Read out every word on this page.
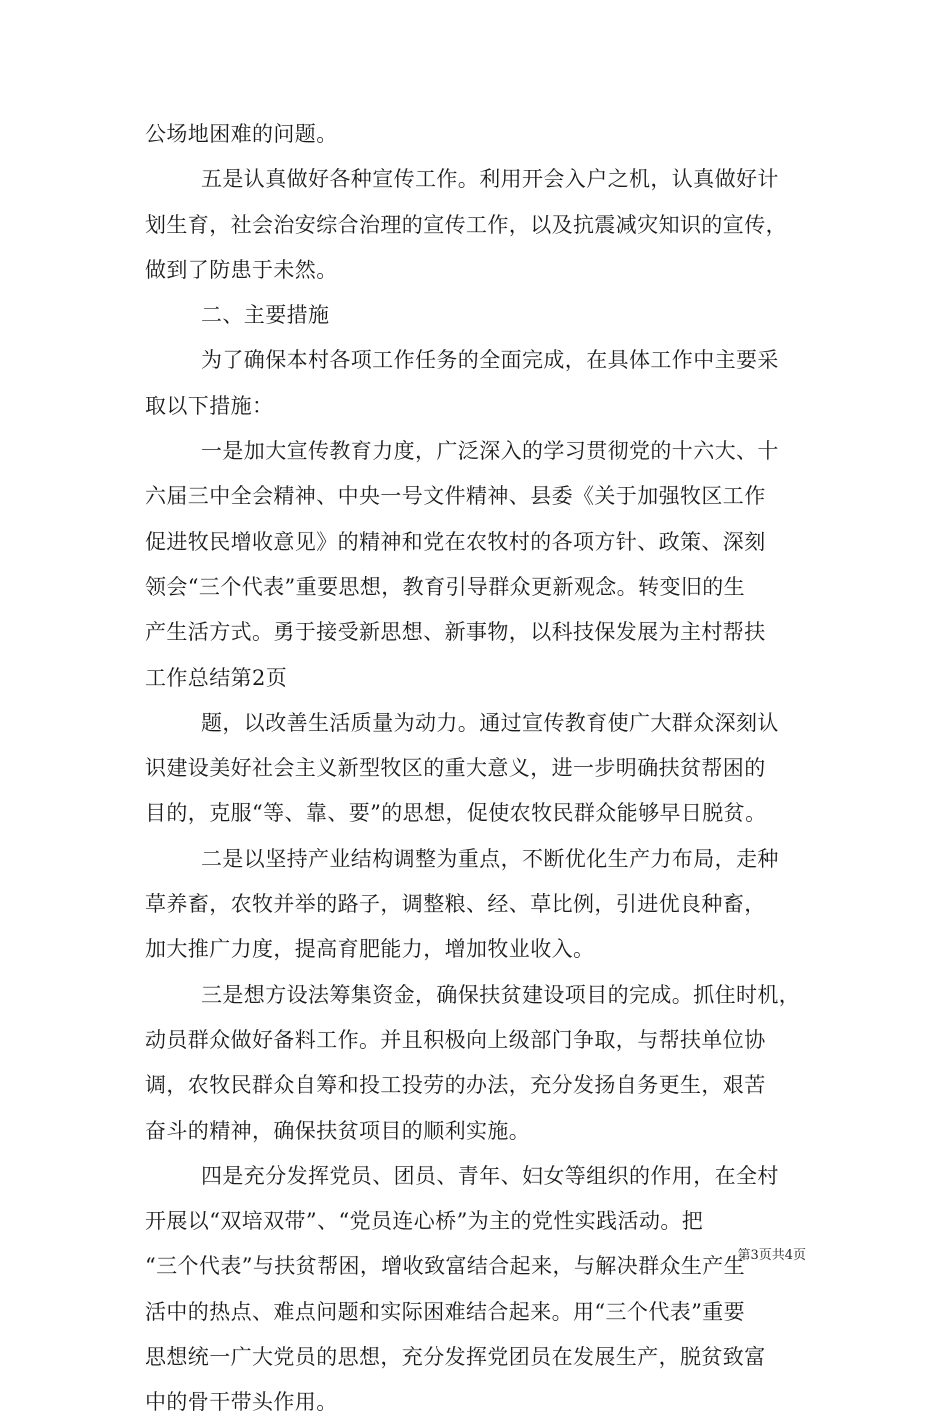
公场地困难的问题。
五是认真做好各种宣传工作。利用开会入户之机，认真做好计
划生育，社会治安综合治理的宣传工作，以及抗震减灾知识的宣传，
做到了防患于未然。
二、主要措施
为了确保本村各项工作任务的全面完成，在具体工作中主要采
取以下措施：
一是加大宣传教育力度，广泛深入的学习贯彻党的十六大、十
六届三中全会精神、中央一号文件精神、县委《关于加强牧区工作
促进牧民增收意见》的精神和党在农牧村的各项方针、政策、深刻
领会“三个代表”重要思想，教育引导群众更新观念。转变旧的生
产生活方式。勇于接受新思想、新事物，以科技保发展为主村帮扶
工作总结第2页
题，以改善生活质量为动力。通过宣传教育使广大群众深刻认
识建设美好社会主义新型牧区的重大意义，进一步明确扶贫帮困的
目的，克服“等、靠、要”的思想，促使农牧民群众能够早日脱贫。
二是以坚持产业结构调整为重点，不断优化生产力布局，走种
草养畜，农牧并举的路子，调整粮、经、草比例，引进优良种畜，
加大推广力度，提高育肥能力，增加牧业收入。
三是想方设法筹集资金，确保扶贫建设项目的完成。抓住时机，
动员群众做好备料工作。并且积极向上级部门争取，与帮扶单位协
调，农牧民群众自筹和投工投劳的办法，充分发扬自务更生，艰苦
奋斗的精神，确保扶贫项目的顺利实施。
四是充分发挥党员、团员、青年、妇女等组织的作用，在全村
开展以“双培双带”、“党员连心桥”为主的党性实践活动。把
“三个代表”与扶贫帮困，增收致富结合起来，与解决群众生产生
活中的热点、难点问题和实际困难结合起来。用“三个代表”重要
思想统一广大党员的思想，充分发挥党团员在发展生产，脱贫致富
中的骨干带头作用。
第3页共4页
